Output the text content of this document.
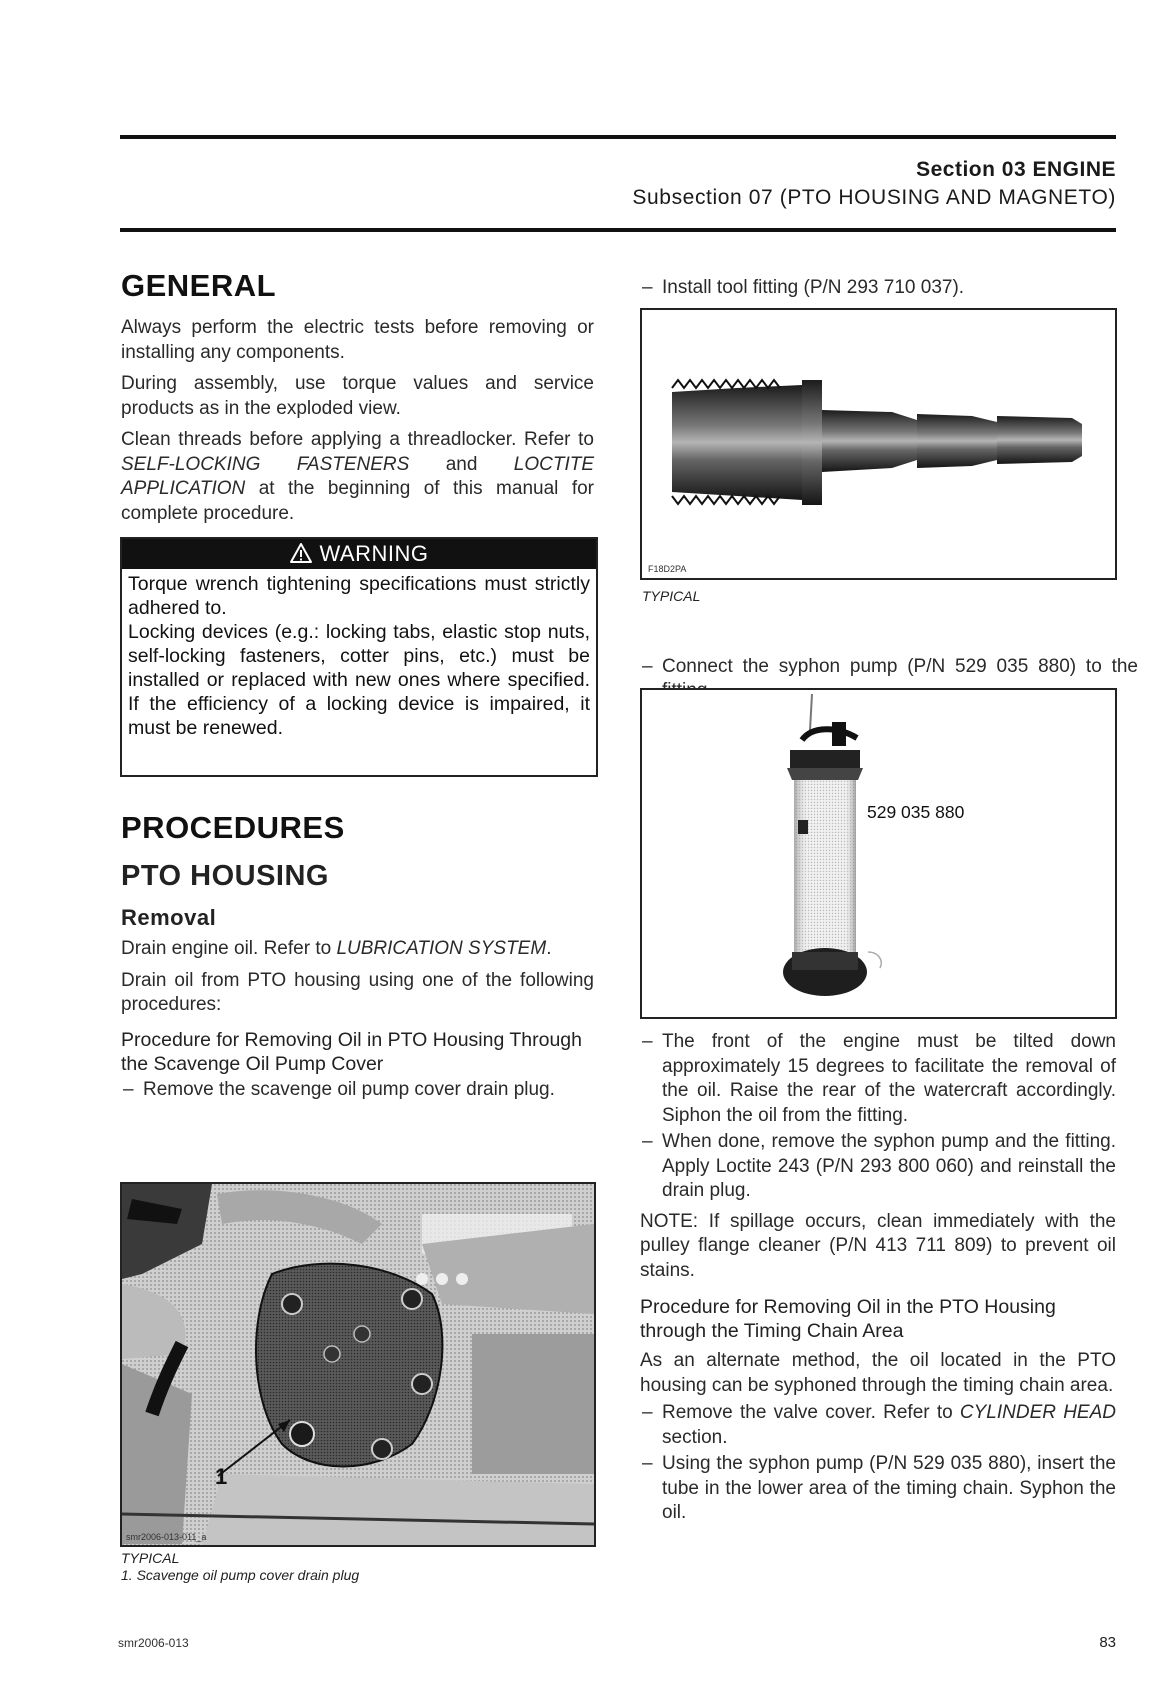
Section 03 ENGINE
Subsection 07 (PTO HOUSING AND MAGNETO)
GENERAL

Always perform the electric tests before removing or installing any components.

During assembly, use torque values and service products as in the exploded view.

Clean threads before applying a threadlocker. Refer to SELF-LOCKING FASTENERS and LOCTITE APPLICATION at the beginning of this manual for complete procedure.

WARNING
Torque wrench tightening specifications must strictly adhered to.
Locking devices (e.g.: locking tabs, elastic stop nuts, self-locking fasteners, cotter pins, etc.) must be installed or replaced with new ones where specified. If the efficiency of a locking device is impaired, it must be renewed.
PROCEDURES
PTO HOUSING
Removal

Drain engine oil. Refer to LUBRICATION SYSTEM.

Drain oil from PTO housing using one of the following procedures:

Procedure for Removing Oil in PTO Housing Through the Scavenge Oil Pump Cover

– Remove the scavenge oil pump cover drain plug.

1
smr2006-013-011_a
TYPICAL
1. Scavenge oil pump cover drain plug

– Install tool fitting (P/N 293 710 037).

F18D2PA
TYPICAL

– Connect the syphon pump (P/N 529 035 880) to the

529 035 880

– The front of the engine must be tilted down approximately 15 degrees to facilitate the removal of the oil. Raise the rear of the watercraft accordingly. Siphon the oil from the fitting.

– When done, remove the syphon pump and the fitting. Apply Loctite 243 (P/N 293 800 060) and reinstall the drain plug.

NOTE: If spillage occurs, clean immediately with the pulley flange cleaner (P/N 413 711 809) to prevent oil stains.

Procedure for Removing Oil in the PTO Housing through the Timing Chain Area

As an alternate method, the oil located in the PTO housing can be syphoned through the timing chain area.

– Remove the valve cover. Refer to CYLINDER HEAD section.

– Using the syphon pump (P/N 529 035 880), insert the tube in the lower area of the timing chain. Syphon the oil.

smr2006-013	83
